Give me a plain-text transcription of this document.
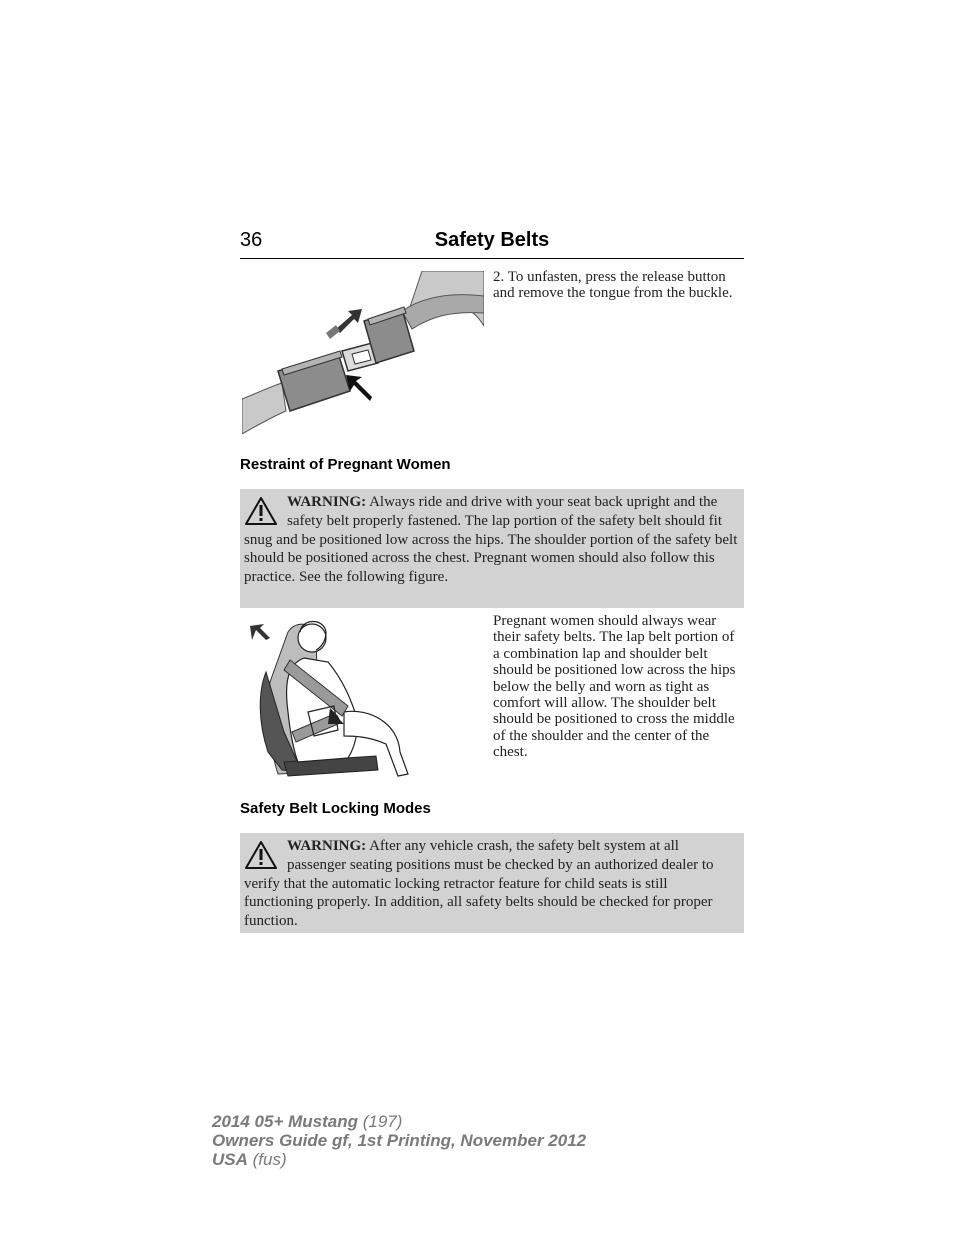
36	Safety Belts
2. To unfasten, press the release button and remove the tongue from the buckle.
Restraint of Pregnant Women
WARNING: Always ride and drive with your seat back upright and the safety belt properly fastened. The lap portion of the safety belt should fit snug and be positioned low across the hips. The shoulder portion of the safety belt should be positioned across the chest. Pregnant women should also follow this practice. See the following figure.
Pregnant women should always wear their safety belts. The lap belt portion of a combination lap and shoulder belt should be positioned low across the hips below the belly and worn as tight as comfort will allow. The shoulder belt should be positioned to cross the middle of the shoulder and the center of the chest.
Safety Belt Locking Modes
WARNING: After any vehicle crash, the safety belt system at all passenger seating positions must be checked by an authorized dealer to verify that the automatic locking retractor feature for child seats is still functioning properly. In addition, all safety belts should be checked for proper function.
2014 05+ Mustang (197)
Owners Guide gf, 1st Printing, November 2012
USA (fus)
